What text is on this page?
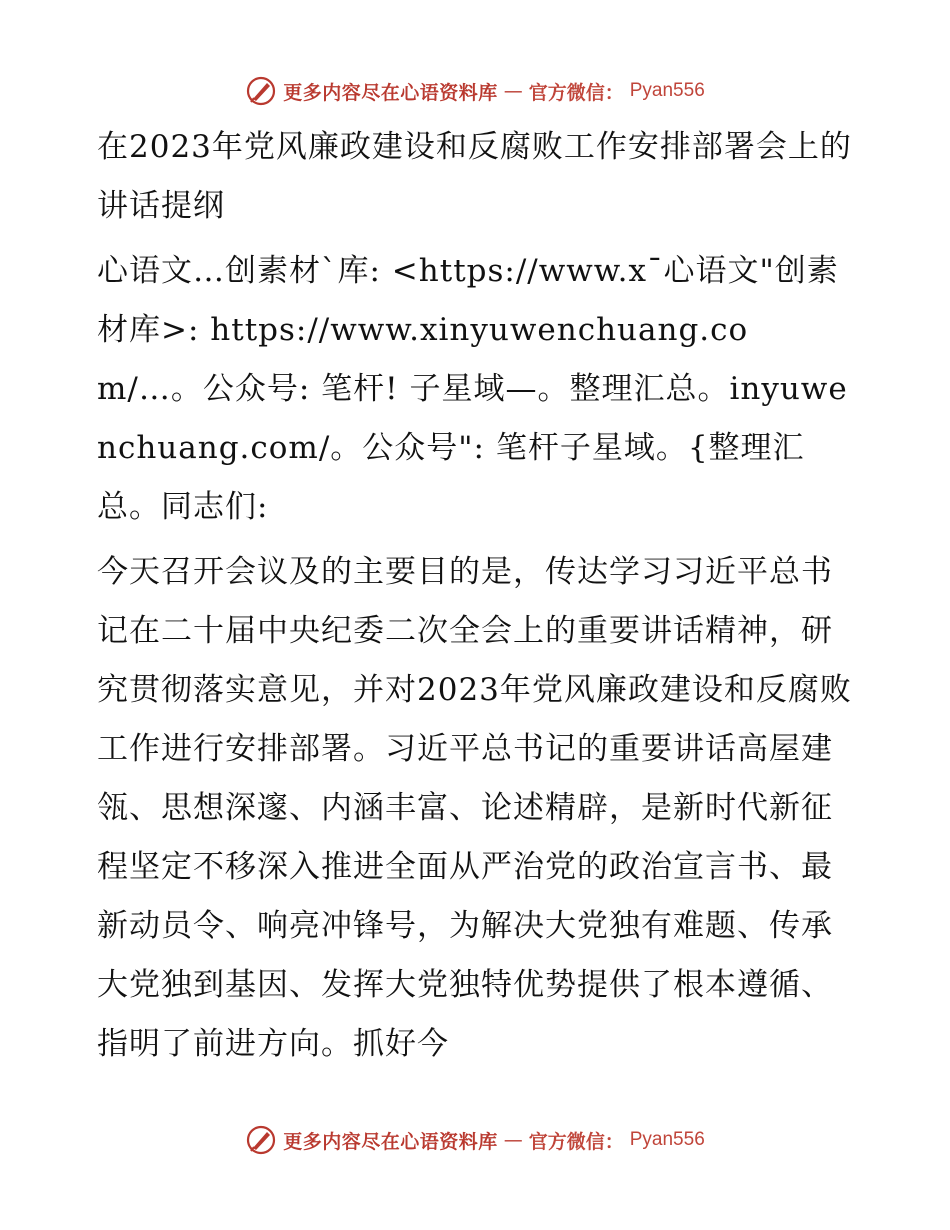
更多内容尽在心语资料库 — 官方微信： Pyan556

在2023年党风廉政建设和反腐败工作安排部署会上的讲话提纲

心语文…创素材ˋ库: <https://www.x¯心语文"创素材库>: https://www.xinyuwenchuang.com/…。公众号: 笔杆! 子星域—。整理汇总。inyuwenchuang.com/。公众号": 笔杆子星域。{整理汇总。同志们:

今天召开会议及的主要目的是，传达学习习近平总书记在二十届中央纪委二次全会上的重要讲话精神，研究贯彻落实意见，并对2023年党风廉政建设和反腐败工作进行安排部署。习近平总书记的重要讲话高屋建瓴、思想深邃、内涵丰富、论述精辟，是新时代新征程坚定不移深入推进全面从严治党的政治宣言书、最新动员令、响亮冲锋号，为解决大党独有难题、传承大党独到基因、发挥大党独特优势提供了根本遵循、指明了前进方向。抓好今

更多内容尽在心语资料库 — 官方微信： Pyan556
